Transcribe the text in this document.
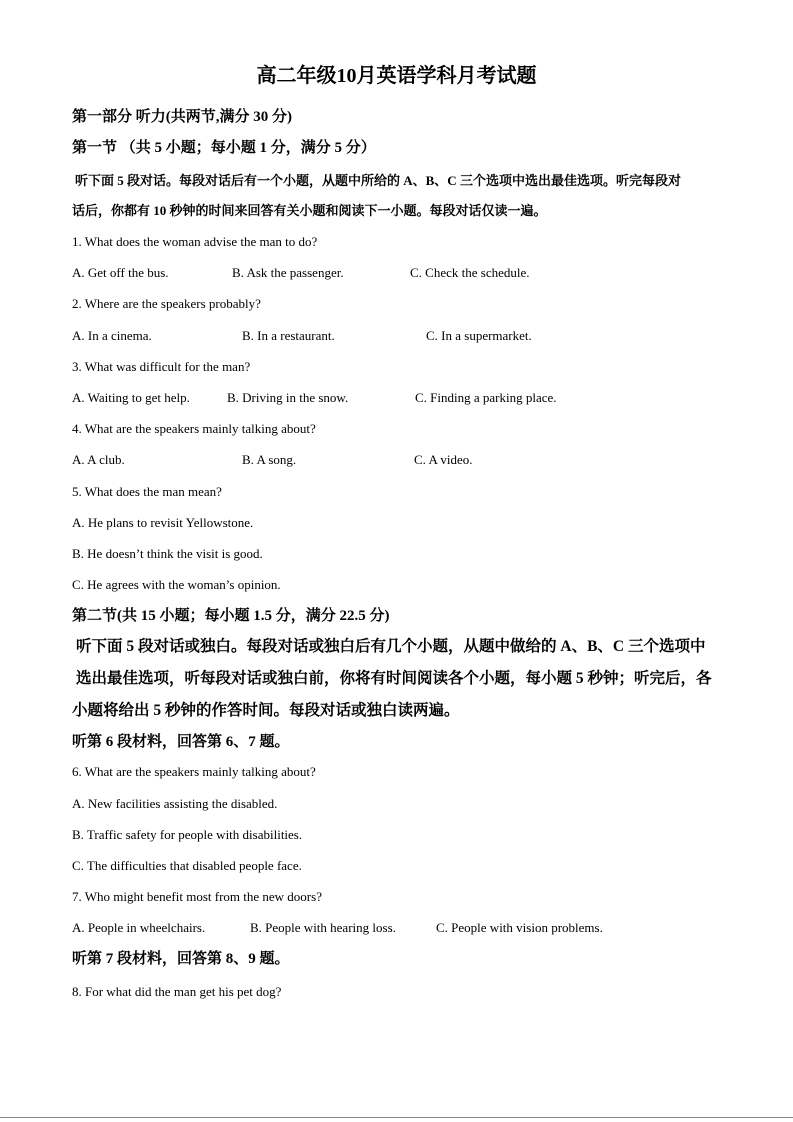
高二年级10月英语学科月考试题

第一部分 听力(共两节,满分 30 分)

第一节 （共 5 小题；每小题 1 分，满分 5 分）

听下面 5 段对话。每段对话后有一个小题，从题中所给的 A、B、C 三个选项中选出最佳选项。听完每段对

话后，你都有 10 秒钟的时间来回答有关小题和阅读下一小题。每段对话仅读一遍。

1. What does the woman advise the man to do?

A. Get off the bus.	B. Ask the passenger.	C. Check the schedule.

2. Where are the speakers probably?

A. In a cinema.	B. In a restaurant.	C. In a supermarket.

3. What was difficult for the man?

A. Waiting to get help.	B. Driving in the snow.	C. Finding a parking place.

4. What are the speakers mainly talking about?

A. A club.	B. A song.	C. A video.

5. What does the man mean?

A. He plans to revisit Yellowstone.

B. He doesn’t think the visit is good.

C. He agrees with the woman’s opinion.

第二节(共 15 小题；每小题 1.5 分，满分 22.5 分)

听下面 5 段对话或独白。每段对话或独白后有几个小题，从题中做给的 A、B、C 三个选项中

选出最佳选项，听每段对话或独白前，你将有时间阅读各个小题，每小题 5 秒钟；听完后，各

小题将给出 5 秒钟的作答时间。每段对话或独白读两遍。

听第 6 段材料，回答第 6、7 题。

6. What are the speakers mainly talking about?

A. New facilities assisting the disabled.

B. Traffic safety for people with disabilities.

C. The difficulties that disabled people face.

7. Who might benefit most from the new doors?

A. People in wheelchairs.	B. People with hearing loss.	C. People with vision problems.

听第 7 段材料，回答第 8、9 题。

8. For what did the man get his pet dog?
